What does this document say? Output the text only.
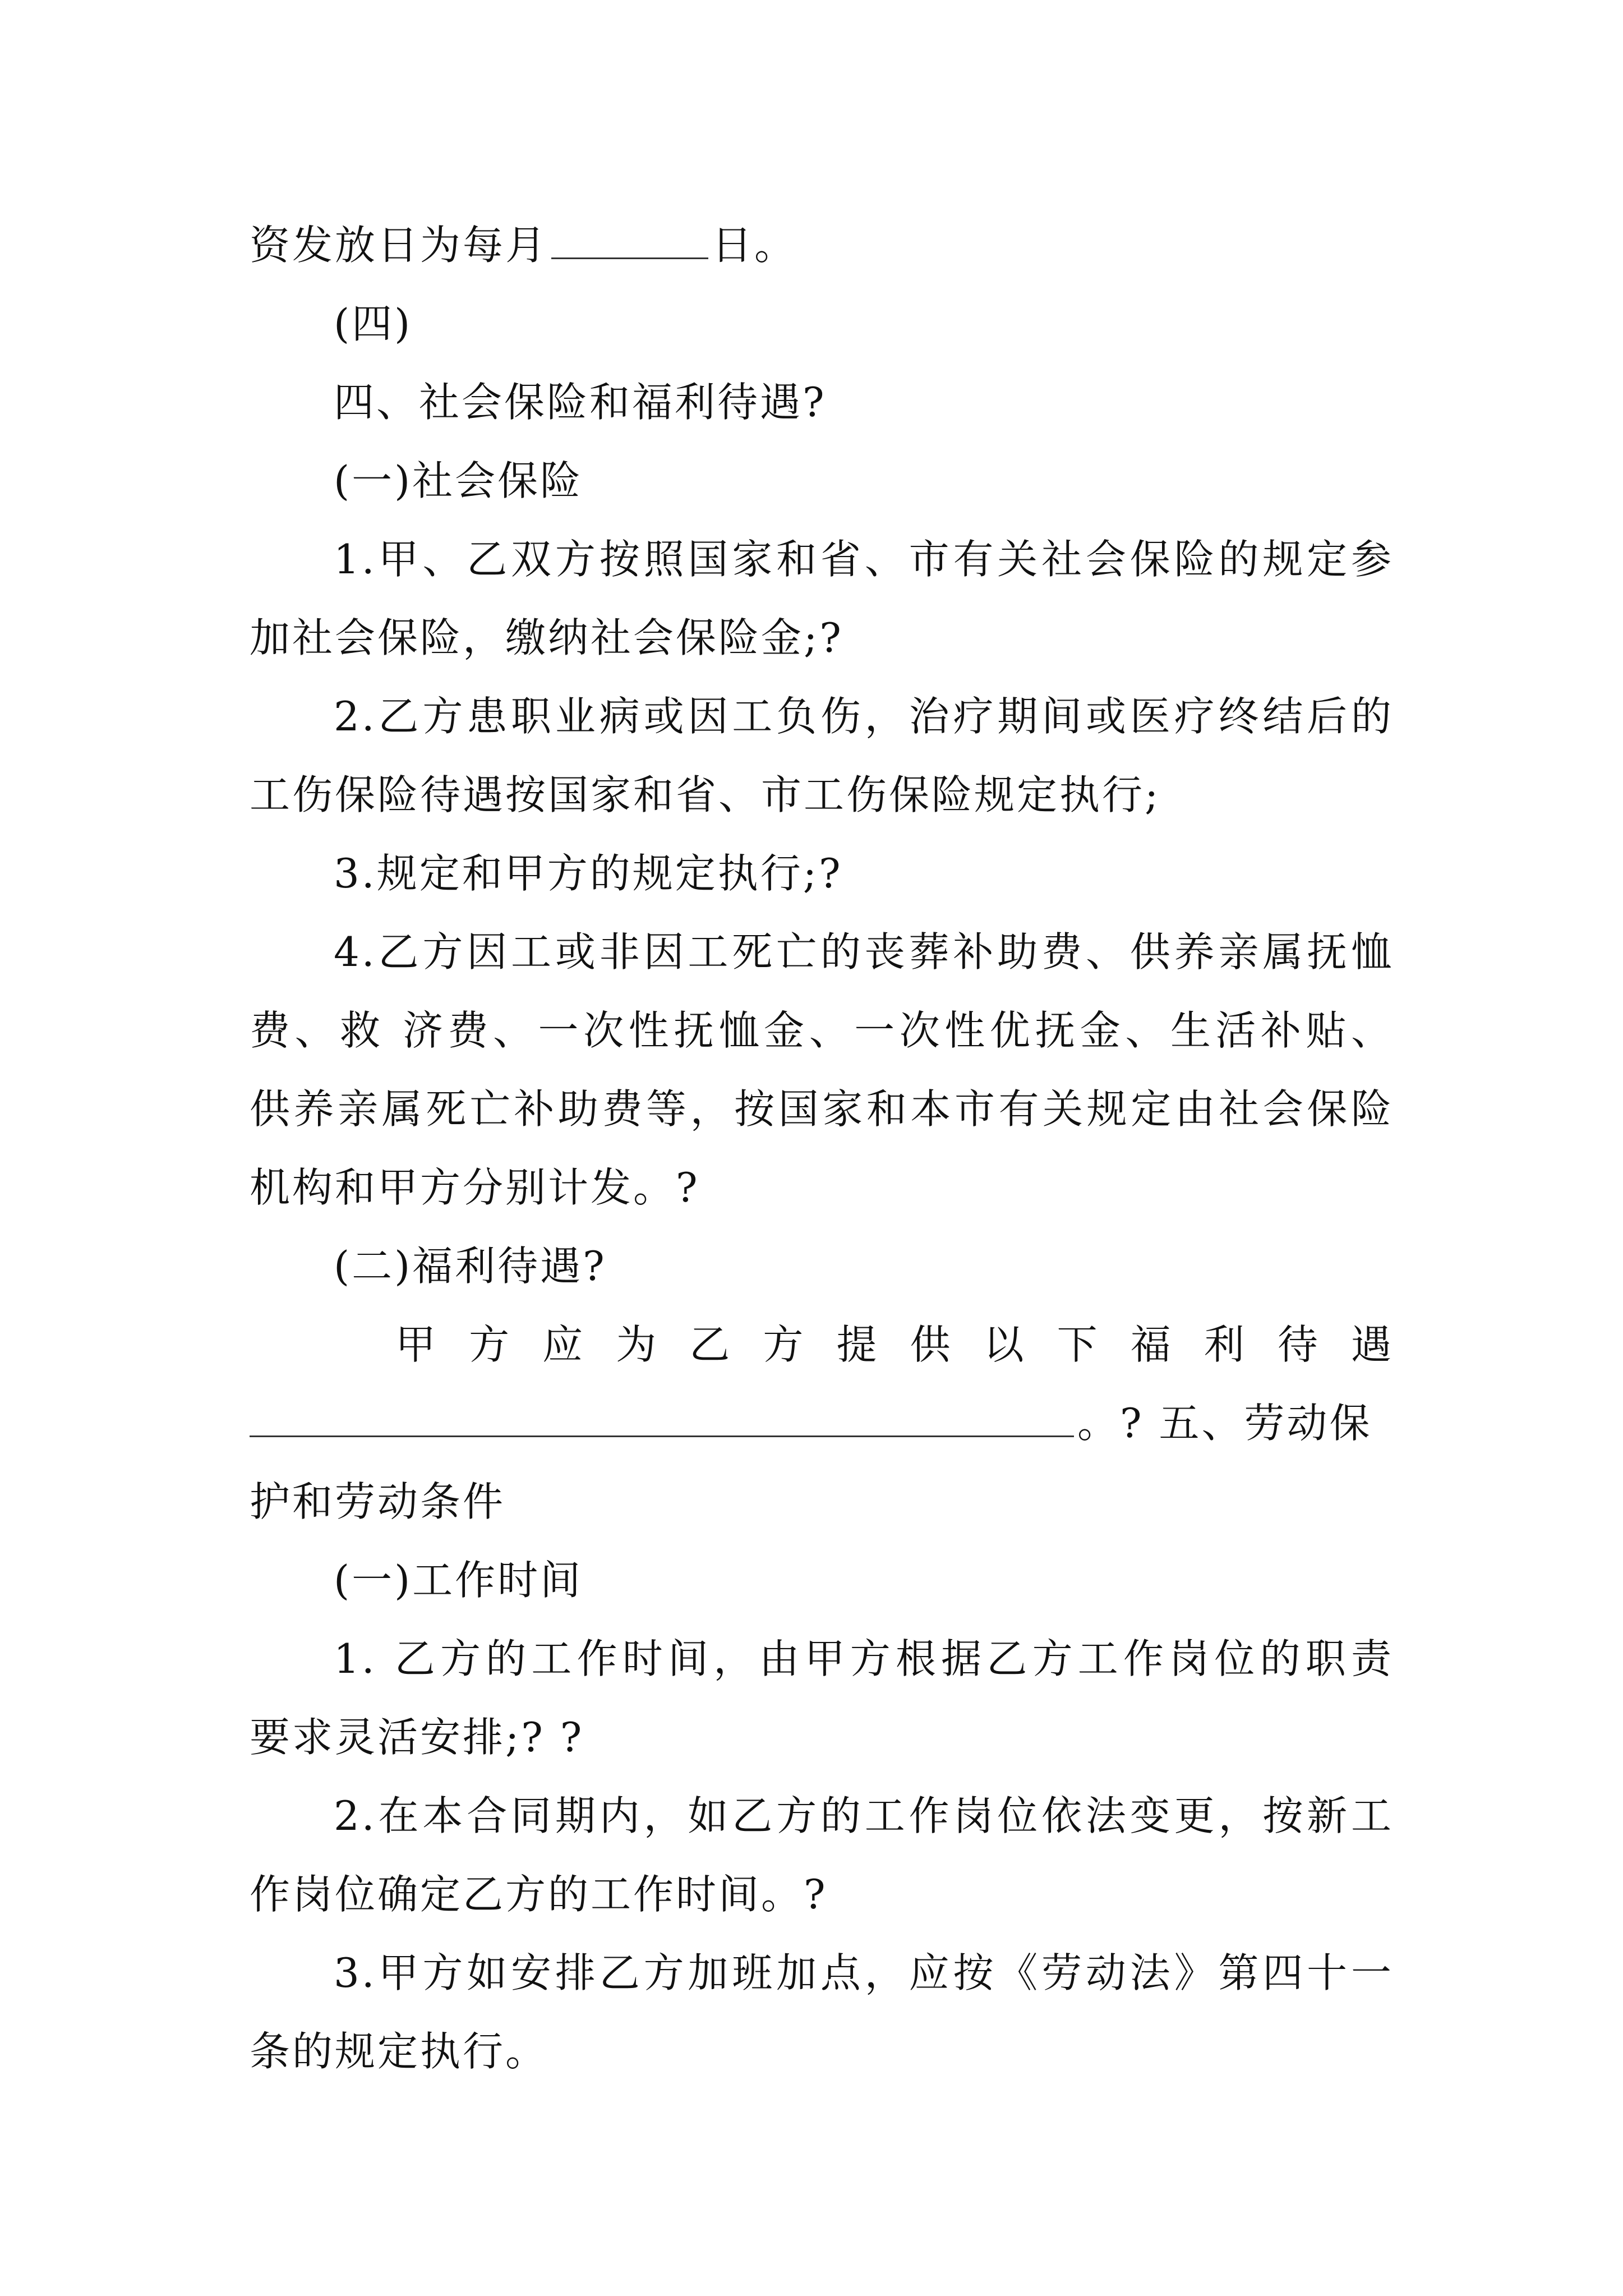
资发放日为每月	日。
(四)
四、社会保险和福利待遇?
(一)社会保险
1.甲、乙双方按照国家和省、市有关社会保险的规定参
加社会保险，缴纳社会保险金;?
2.乙方患职业病或因工负伤，治疗期间或医疗终结后的
工伤保险待遇按国家和省、市工伤保险规定执行;
3.规定和甲方的规定执行;?
4.乙方因工或非因工死亡的丧葬补助费、供养亲属抚恤
费、救 济费、一次性抚恤金、一次性优抚金、生活补贴、
供养亲属死亡补助费等，按国家和本市有关规定由社会保险
机构和甲方分别计发。?
(二)福利待遇?
甲方应为乙方提供以下福利待遇
。? 五、劳动保
护和劳动条件
(一)工作时间
1. 乙方的工作时间，由甲方根据乙方工作岗位的职责
要求灵活安排;? ?
2.在本合同期内，如乙方的工作岗位依法变更，按新工
作岗位确定乙方的工作时间。?
3.甲方如安排乙方加班加点，应按《劳动法》第四十一
条的规定执行。
